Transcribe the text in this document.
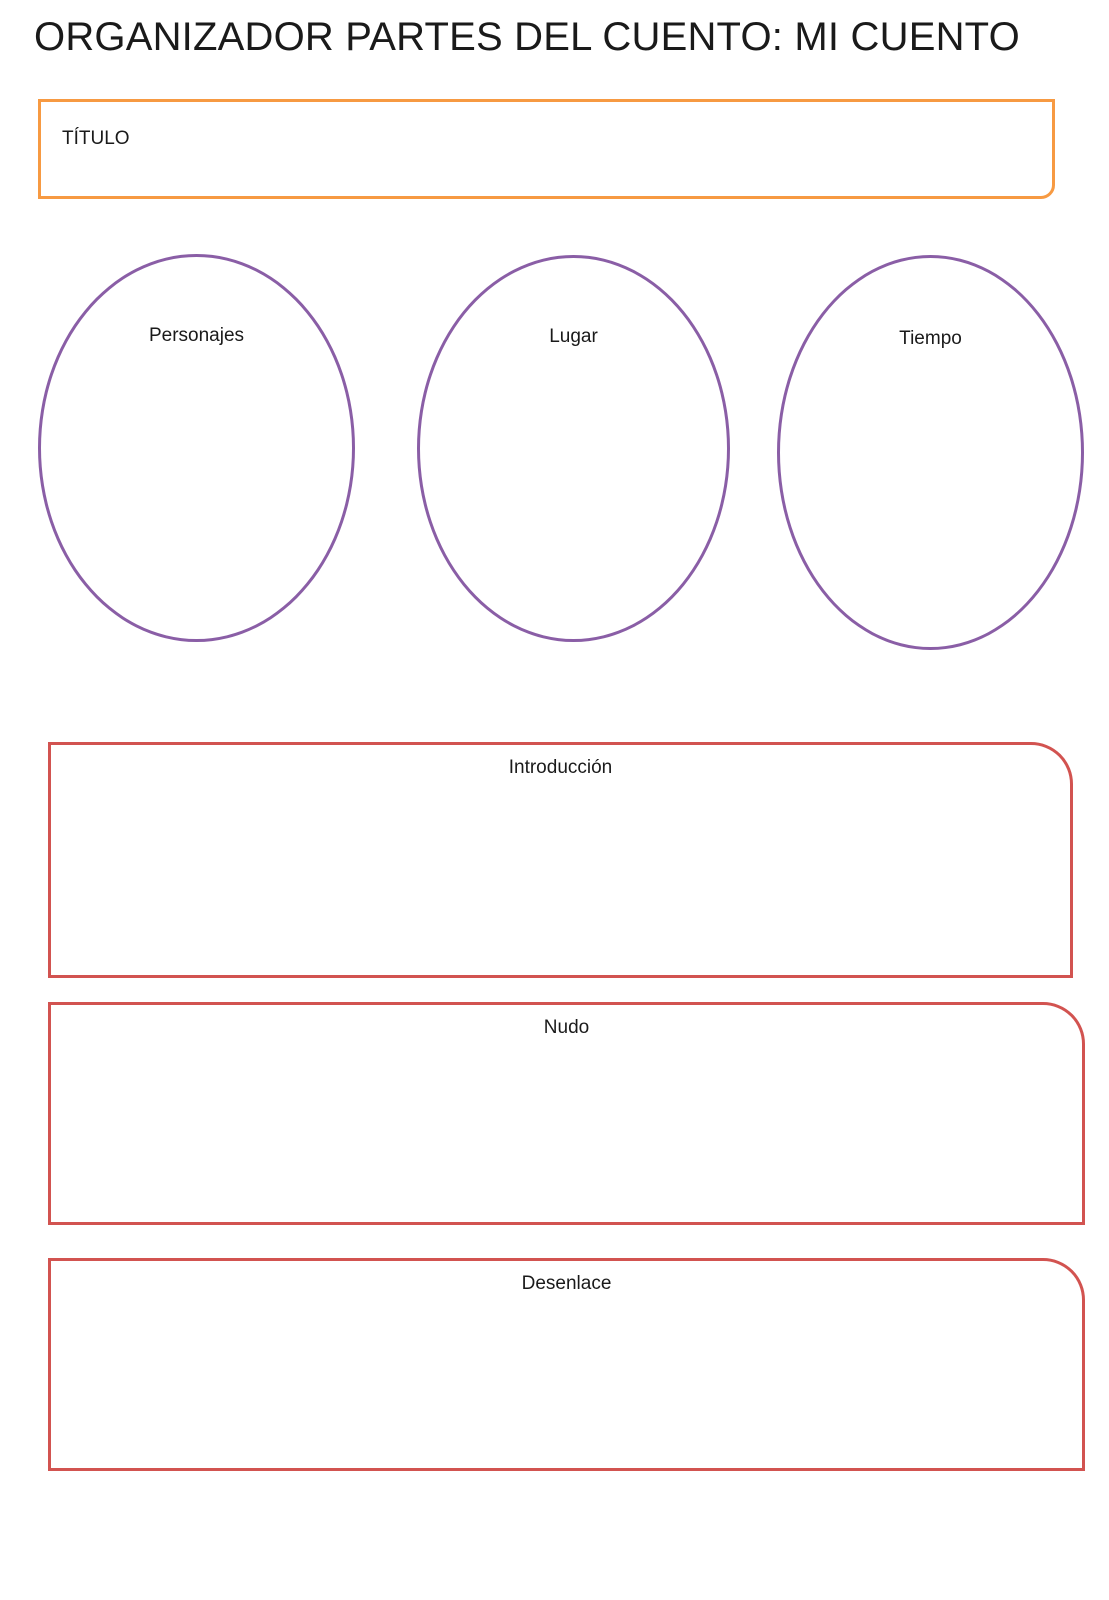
ORGANIZADOR PARTES DEL CUENTO: MI CUENTO
TÍTULO
Personajes	Lugar	Tiempo
Introducción
Nudo
Desenlace
